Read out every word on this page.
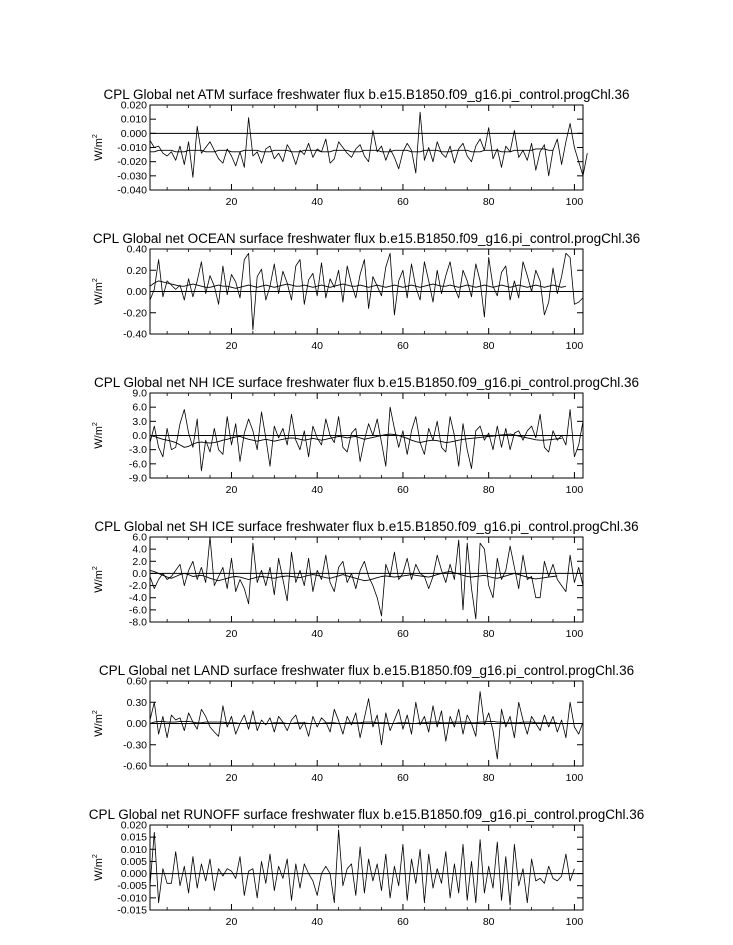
CPL Global net ATM surface freshwater flux b.e15.B1850.f09_g16.pi_control.progChl.36
$W/m^2$
20	40	60	80	100
-0.040
-0.030
-0.020
-0.010
0.000
0.010
0.020
CPL Global net OCEAN surface freshwater flux b.e15.B1850.f09_g16.pi_control.progChl.36
$W/m^2$
20	40	60	80	100
-0.40
-0.20
0.00
0.20
0.40
CPL Global net NH ICE surface freshwater flux b.e15.B1850.f09_g16.pi_control.progChl.36
$W/m^2$
20	40	60	80	100
-9.0
-6.0
-3.0
0.0
3.0
6.0
9.0
CPL Global net SH ICE surface freshwater flux b.e15.B1850.f09_g16.pi_control.progChl.36
$W/m^2$
20	40	60	80	100
-8.0
-6.0
-4.0
-2.0
0.0
2.0
4.0
6.0
CPL Global net LAND surface freshwater flux b.e15.B1850.f09_g16.pi_control.progChl.36
$W/m^2$
20	40	60	80	100
-0.60
-0.30
0.00
0.30
0.60
CPL Global net RUNOFF surface freshwater flux b.e15.B1850.f09_g16.pi_control.progChl.36
$W/m^2$
20	40	60	80	100
-0.015
-0.010
-0.005
0.000
0.005
0.010
0.015
0.020
